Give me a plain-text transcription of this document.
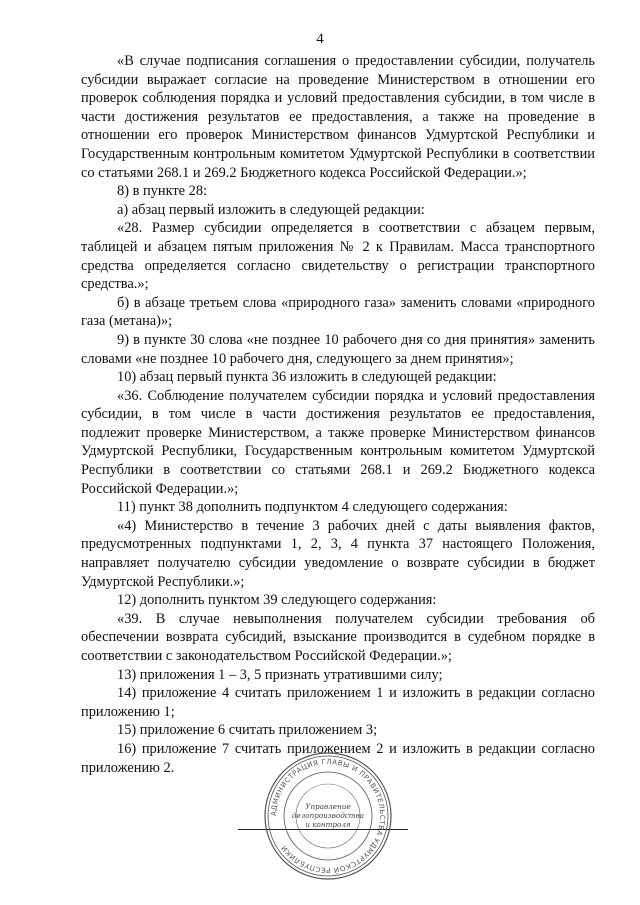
4

«В случае подписания соглашения о предоставлении субсидии, получатель субсидии выражает согласие на проведение Министерством в отношении его проверок соблюдения порядка и условий предоставления субсидии, в том числе в части достижения результатов ее предоставления, а также на проведение в отношении его проверок Министерством финансов Удмуртской Республики и Государственным контрольным комитетом Удмуртской Республики в соответствии со статьями 268.1 и 269.2 Бюджетного кодекса Российской Федерации.»;

8) в пункте 28:

а) абзац первый изложить в следующей редакции:

«28. Размер субсидии определяется в соответствии с абзацем первым, таблицей и абзацем пятым приложения № 2 к Правилам. Масса транспортного средства определяется согласно свидетельству о регистрации транспортного средства.»;

б) в абзаце третьем слова «природного газа» заменить словами «природного газа (метана)»;

9) в пункте 30 слова «не позднее 10 рабочего дня со дня принятия» заменить словами «не позднее 10 рабочего дня, следующего за днем принятия»;

10) абзац первый пункта 36 изложить в следующей редакции:

«36. Соблюдение получателем субсидии порядка и условий предоставления субсидии, в том числе в части достижения результатов ее предоставления, подлежит проверке Министерством, а также проверке Министерством финансов Удмуртской Республики, Государственным контрольным комитетом Удмуртской Республики в соответствии со статьями 268.1 и 269.2 Бюджетного кодекса Российской Федерации.»;

11) пункт 38 дополнить подпунктом 4 следующего содержания:

«4) Министерство в течение 3 рабочих дней с даты выявления фактов, предусмотренных подпунктами 1, 2, 3, 4 пункта 37 настоящего Положения, направляет получателю субсидии уведомление о возврате субсидии в бюджет Удмуртской Республики.»;

12) дополнить пунктом 39 следующего содержания:

«39. В случае невыполнения получателем субсидии требования об обеспечении возврата субсидий, взыскание производится в судебном порядке в соответствии с законодательством Российской Федерации.»;

13) приложения 1 – 3, 5 признать утратившими силу;

14) приложение 4 считать приложением 1 и изложить в редакции согласно приложению 1;

15) приложение 6 считать приложением 3;

16) приложение 7 считать приложением 2 и изложить в редакции согласно приложению 2.

АДМИНИСТРАЦИЯ ГЛАВЫ И ПРАВИТЕЛЬСТВА УДМУРТСКОЙ РЕСПУБЛИКИ
Управление
делопроизводства
и контроля
